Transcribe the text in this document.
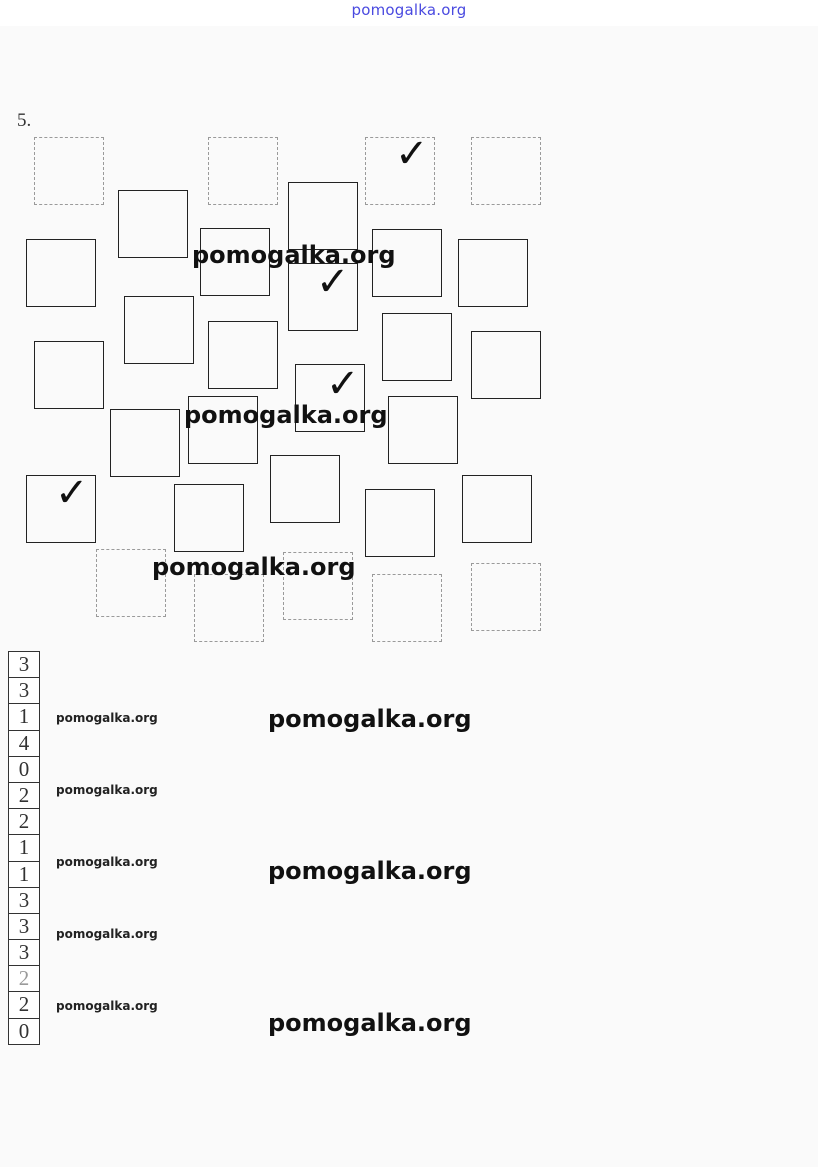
pomogalka.org
5.
✓
✓
✓
✓
pomogalka.org
pomogalka.org
pomogalka.org
3
3
1
4
0
2
2
1
1
3
3
3
2
2
0
pomogalka.org
pomogalka.org
pomogalka.org
pomogalka.org
pomogalka.org
pomogalka.org
pomogalka.org
pomogalka.org
